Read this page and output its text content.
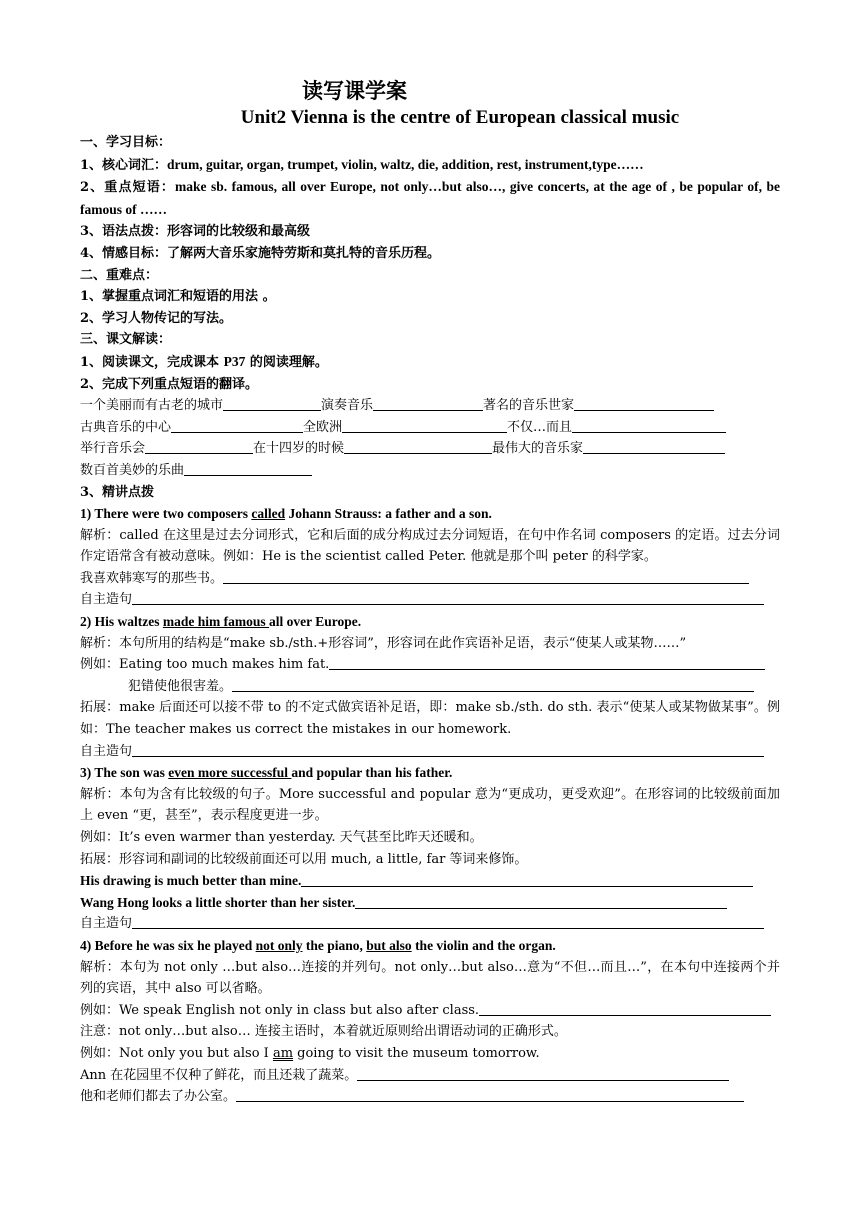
读写课学案
Unit2 Vienna is the centre of European classical music
一、学习目标：
1、核心词汇：drum, guitar, organ, trumpet, violin, waltz, die, addition, rest, instrument,type……
2、重点短语：make sb. famous, all over Europe, not only…but also…, give concerts, at the age of , be popular of, be famous of ……
3、语法点拨：形容词的比较级和最高级
4、情感目标：了解两大音乐家施特劳斯和莫扎特的音乐历程。
二、重难点：
1、掌握重点词汇和短语的用法 。
2、学习人物传记的写法。
三、课文解读：
1、阅读课文，完成课本 P37 的阅读理解。
2、完成下列重点短语的翻译。
一个美丽而有古老的城市	演奏音乐	著名的音乐世家
古典音乐的中心	全欧洲	不仅…而且
举行音乐会	在十四岁的时候	最伟大的音乐家
数百首美妙的乐曲
3、精讲点拨
1) There were two composers called Johann Strauss: a father and a son.
解析：called 在这里是过去分词形式，它和后面的成分构成过去分词短语，在句中作名词 composers 的定语。过去分词作定语常含有被动意味。例如：He is the scientist called Peter. 他就是那个叫 peter 的科学家。
我喜欢韩寒写的那些书。
自主造句
2) His waltzes made him famous all over Europe.
解析：本句所用的结构是“make sb./sth.+形容词”，形容词在此作宾语补足语，表示“使某人或某物……”
例如：Eating too much makes him fat.
犯错使他很害羞。
拓展：make 后面还可以接不带 to 的不定式做宾语补足语，即：make sb./sth. do sth. 表示“使某人或某物做某事”。例如：The teacher makes us correct the mistakes in our homework.
自主造句
3) The son was even more successful and popular than his father.
解析：本句为含有比较级的句子。More successful and popular 意为“更成功，更受欢迎”。在形容词的比较级前面加上 even “更，甚至”，表示程度更进一步。
例如：It’s even warmer than yesterday. 天气甚至比昨天还暖和。
拓展：形容词和副词的比较级前面还可以用 much, a little, far 等词来修饰。
His drawing is much better than mine.
Wang Hong looks a little shorter than her sister.
自主造句
4) Before he was six he played not only the piano, but also the violin and the organ.
解析：本句为 not only …but also…连接的并列句。not only…but also…意为“不但…而且…”，在本句中连接两个并列的宾语，其中 also 可以省略。
例如：We speak English not only in class but also after class.
注意：not only…but also… 连接主语时，本着就近原则给出谓语动词的正确形式。
例如：Not only you but also I am going to visit the museum tomorrow.
Ann 在花园里不仅种了鲜花，而且还栽了蔬菜。
他和老师们都去了办公室。
